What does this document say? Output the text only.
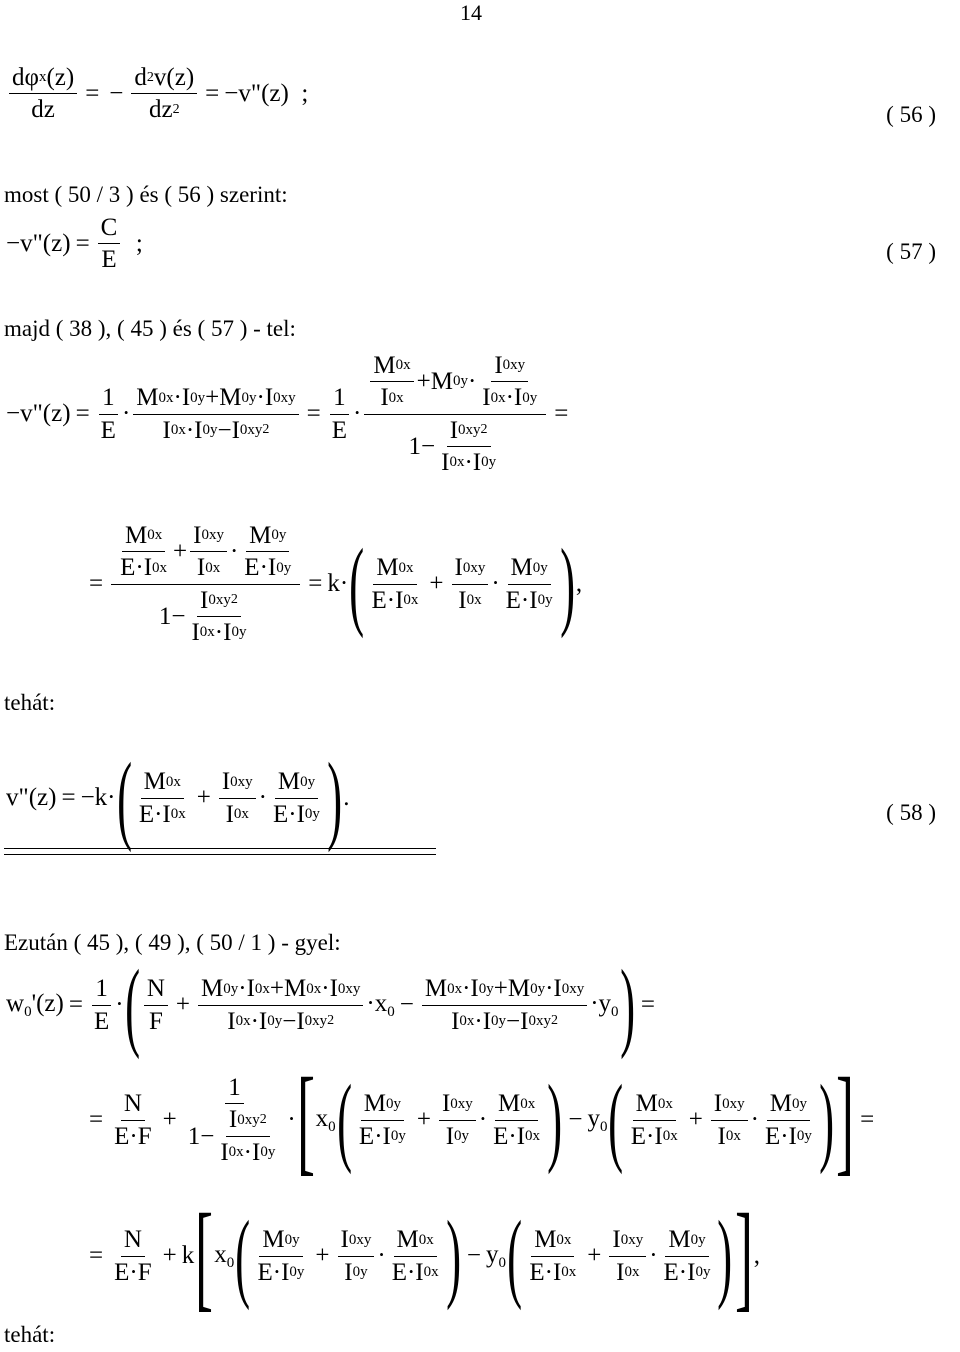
14
dφ x (z)
dz
= − $\frac{d 2 v(z)}{dz 2}$ = −v"(z)  ;
( 56 )
most ( 50 / 3 ) és ( 56 ) szerint:
−v"(z) = $\frac{C}{E}$ ;	( 57 )
majd ( 38 ), ( 45 ) és ( 57 ) - tel:
−v"(z) = $\frac{1}{E} \cdot \frac{M 0x \cdot I 0y +M 0y \cdot I 0xy}{I 0x \cdot I 0y -I 0xy 2} = \frac{1}{E}$ ·
M 0x
I 0x
+M 0y ·
I 0xy
I 0x ·I 0y
1−
I 0xy 2
I 0x ·I 0y
=
=
M 0x
E·I 0x
+
I 0xy
I 0x
·
M 0y
E·I 0y
1−
I 0xy 2
I 0x ·I 0y
= k· ( M 0x
E·I 0x
+ $\frac{I 0xy}{I 0x}$ ·
M 0y
E·I 0y ) ,
tehát:
v"(z) = −k· ( M 0x
E·I 0x
+ $\frac{I 0xy}{I 0x}$ ·
M 0y
E·I 0y ) .
( 58 )
Ezután ( 45 ), ( 49 ), ( 50 / 1 ) - gyel:
$w_0'(z) = \frac{1}{E}$ · ( N
F
+ $\frac{M 0y \cdot I 0x +M 0x \cdot I 0xy}{I 0x \cdot I 0y -I 0xy 2} \cdot x_0 - \frac{M 0x \cdot I 0y +M 0y \cdot I 0xy}{I 0x \cdot I 0y -I 0xy 2} \cdot y_0$ ) =
= $\frac{N}{E\cdot F} + 1$
1−
I 0xy 2
I 0x ·I 0y · [ $x_0$ ( M 0y
E·I 0y
+ $\frac{I 0xy}{I 0y}$ ·
M 0x
E·I 0x ) − $y_0$ ( M 0x
E·I 0x
+ $\frac{I 0xy}{I 0x}$ ·
M 0y
E·I 0y ) ] =
= $\frac{N}{E\cdot F} + k$ [ $x_0$ ( M 0y
E·I 0y
+ $\frac{I 0xy}{I 0y}$ ·
M 0x
E·I 0x ) − $y_0$ ( M 0x
E·I 0x
+ $\frac{I 0xy}{I 0x}$ ·
M 0y
E·I 0y ) ] ,
tehát:
